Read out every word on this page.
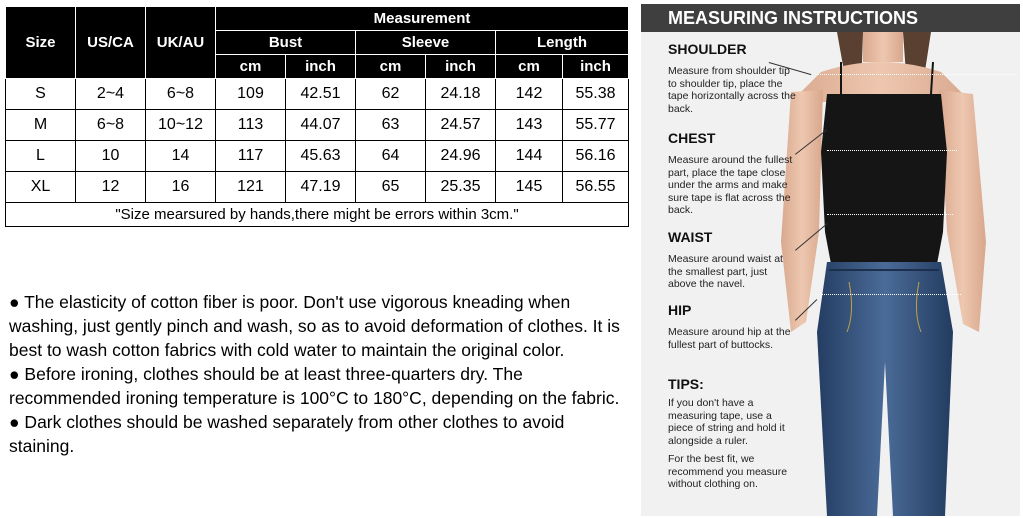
Size	US/CA	UK/AU	Measurement					
			Bust		Sleeve		Length	
			cm	inch	cm	inch	cm	inch
S	2~4	6~8	109	42.51	62	24.18	142	55.38
M	6~8	10~12	113	44.07	63	24.57	143	55.77
L	10	14	117	45.63	64	24.96	144	56.16
XL	12	16	121	47.19	65	25.35	145	56.55
"Size mearsured by hands,there might be errors within 3cm."								

● The elasticity of cotton fiber is poor. Don't use vigorous kneading when washing, just gently pinch and wash, so as to avoid deformation of clothes. It is best to wash cotton fabrics with cold water to maintain the original color.

● Before ironing, clothes should be at least three-quarters dry. The recommended ironing temperature is 100°C to 180°C, depending on the fabric.

● Dark clothes should be washed separately from other clothes to avoid staining.

MEASURING INSTRUCTIONS
SHOULDER
Measure from shoulder tip to shoulder tip, place the tape horizontally across the back.
CHEST
Measure around the fullest part, place the tape close under the arms and make sure tape is flat across the back.
WAIST
Measure around waist at the smallest part, just above the navel.
HIP
Measure around hip at the fullest part of buttocks.
TIPS:
If you don't have a measuring tape, use a piece of string and hold it alongside a ruler.
For the best fit, we recommend you measure without clothing on.
